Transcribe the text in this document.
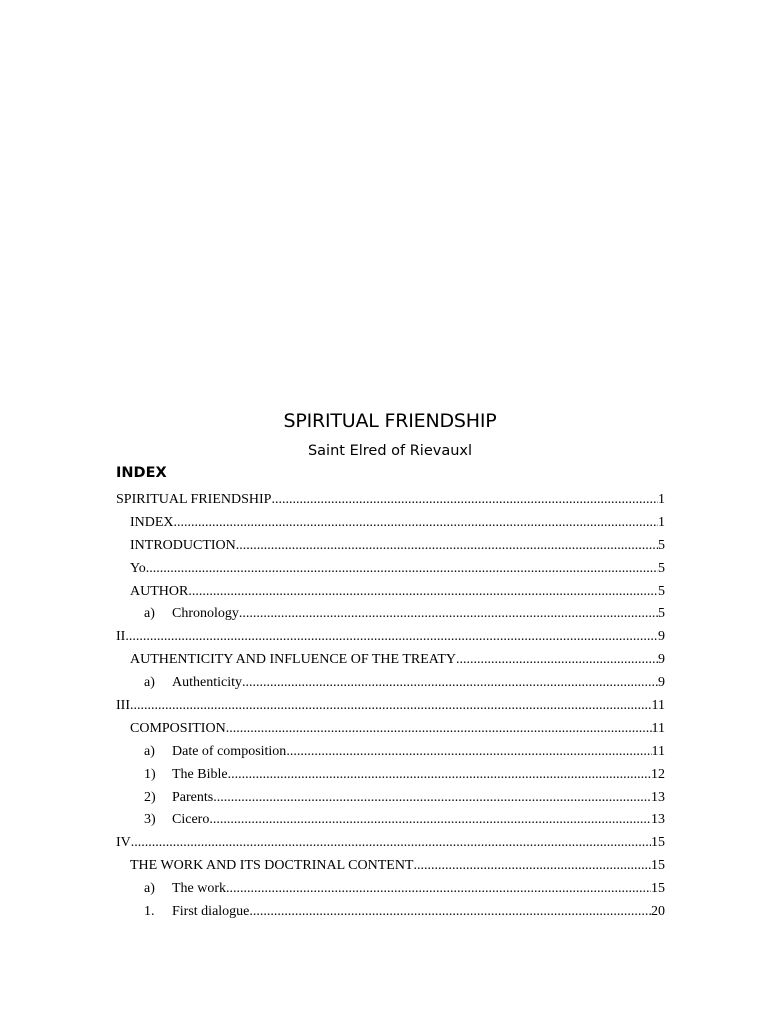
SPIRITUAL FRIENDSHIP
Saint Elred of Rievauxl
INDEX
SPIRITUAL FRIENDSHIP .....	1
INDEX .....	1
INTRODUCTION .....	5
Yo .....	5
AUTHOR .....	5
a)	Chronology .....	5
II .....	9
AUTHENTICITY AND INFLUENCE OF THE TREATY .....	9
a)	Authenticity .....	9
III .....	11
COMPOSITION .....	11
a)	Date of composition .....	11
1)	The Bible .....	12
2)	Parents .....	13
3)	Cicero .....	13
IV .....	15
THE WORK AND ITS DOCTRINAL CONTENT .....	15
a)	The work .....	15
1.	First dialogue .....	20
